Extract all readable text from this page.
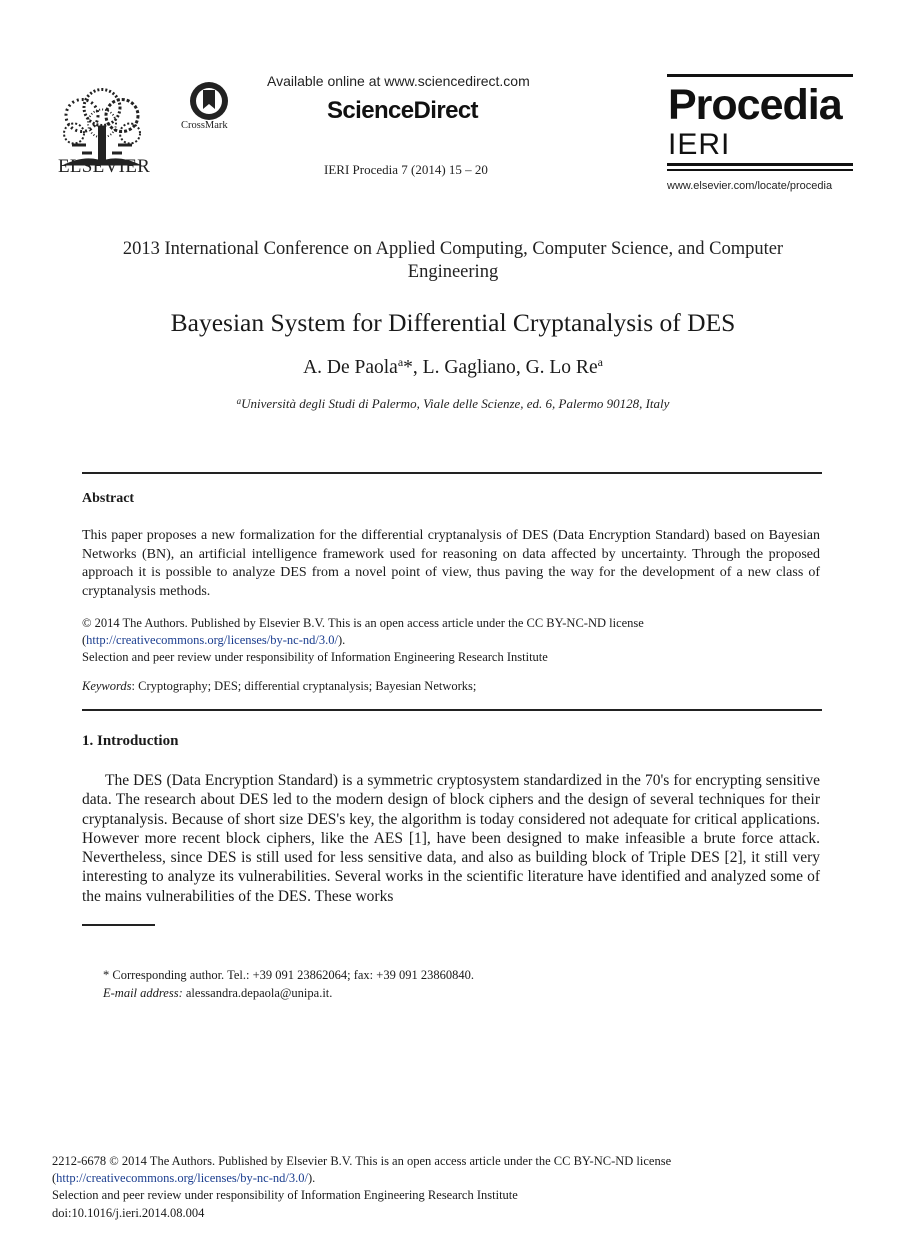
ELSEVIER
CrossMark
Available online at www.sciencedirect.com
ScienceDirect
IERI Procedia 7 (2014) 15 – 20
Procedia
IERI
www.elsevier.com/locate/procedia
2013 International Conference on Applied Computing, Computer Science, and Computer Engineering
Bayesian System for Differential Cryptanalysis of DES
A. De Paola$^a$*, L. Gagliano, G. Lo Re$^a$
$^a$Università degli Studi di Palermo, Viale delle Scienze, ed. 6, Palermo 90128, Italy
Abstract
This paper proposes a new formalization for the differential cryptanalysis of DES (Data Encryption Standard) based on Bayesian Networks (BN), an artificial intelligence framework used for reasoning on data affected by uncertainty. Through the proposed approach it is possible to analyze DES from a novel point of view, thus paving the way for the development of a new class of cryptanalysis methods.
© 2014 The Authors. Published by Elsevier B.V. This is an open access article under the CC BY-NC-ND license
(http://creativecommons.org/licenses/by-nc-nd/3.0/).
Selection and peer review under responsibility of Information Engineering Research Institute
Keywords: Cryptography; DES; differential cryptanalysis; Bayesian Networks;
1. Introduction
The DES (Data Encryption Standard) is a symmetric cryptosystem standardized in the 70's for encrypting sensitive data. The research about DES led to the modern design of block ciphers and the design of several techniques for their cryptanalysis. Because of short size DES's key, the algorithm is today considered not adequate for critical applications. However more recent block ciphers, like the AES [1], have been designed to make infeasible a brute force attack. Nevertheless, since DES is still used for less sensitive data, and also as building block of Triple DES [2], it still very interesting to analyze its vulnerabilities. Several works in the scientific literature have identified and analyzed some of the mains vulnerabilities of the DES. These works
* Corresponding author. Tel.: +39 091 23862064; fax: +39 091 23860840.
E-mail address: alessandra.depaola@unipa.it.
2212-6678 © 2014 The Authors. Published by Elsevier B.V. This is an open access article under the CC BY-NC-ND license
(http://creativecommons.org/licenses/by-nc-nd/3.0/).
Selection and peer review under responsibility of Information Engineering Research Institute
doi:10.1016/j.ieri.2014.08.004
